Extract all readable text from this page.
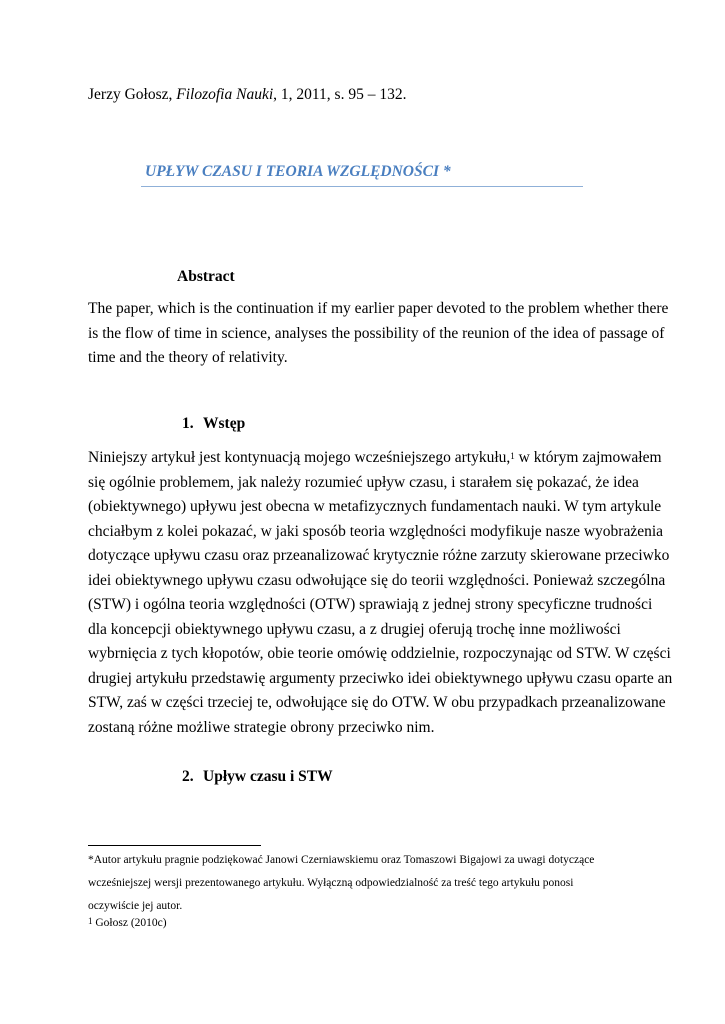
Jerzy Gołosz, Filozofia Nauki, 1, 2011, s. 95 – 132.
UPŁYW CZASU I TEORIA WZGLĘDNOŚCI *
Abstract
The paper, which is the continuation if my earlier paper devoted to the problem whether there
is the flow of time in science, analyses the possibility of the reunion of the idea of passage of
time and the theory of relativity.
1. Wstęp
Niniejszy artykuł jest kontynuacją mojego wcześniejszego artykułu,$^1$ w którym zajmowałem
się ogólnie problemem, jak należy rozumieć upływ czasu, i starałem się pokazać, że idea
(obiektywnego) upływu jest obecna w metafizycznych fundamentach nauki. W tym artykule
chciałbym z kolei pokazać, w jaki sposób teoria względności modyfikuje nasze wyobrażenia
dotyczące upływu czasu oraz przeanalizować krytycznie różne zarzuty skierowane przeciwko
idei obiektywnego upływu czasu odwołujące się do teorii względności. Ponieważ szczególna
(STW) i ogólna teoria względności (OTW) sprawiają z jednej strony specyficzne trudności
dla koncepcji obiektywnego upływu czasu, a z drugiej oferują trochę inne możliwości
wybrnięcia z tych kłopotów, obie teorie omówię oddzielnie, rozpoczynając od STW. W części
drugiej artykułu przedstawię argumenty przeciwko idei obiektywnego upływu czasu oparte an
STW, zaś w części trzeciej te, odwołujące się do OTW. W obu przypadkach przeanalizowane
zostaną różne możliwe strategie obrony przeciwko nim.
2. Upływ czasu i STW
*Autor artykułu pragnie podziękować Janowi Czerniawskiemu oraz Tomaszowi Bigajowi za uwagi dotyczące
wcześniejszej wersji prezentowanego artykułu. Wyłączną odpowiedzialność za treść tego artykułu ponosi
oczywiście jej autor.
$^1$ Gołosz (2010c)
